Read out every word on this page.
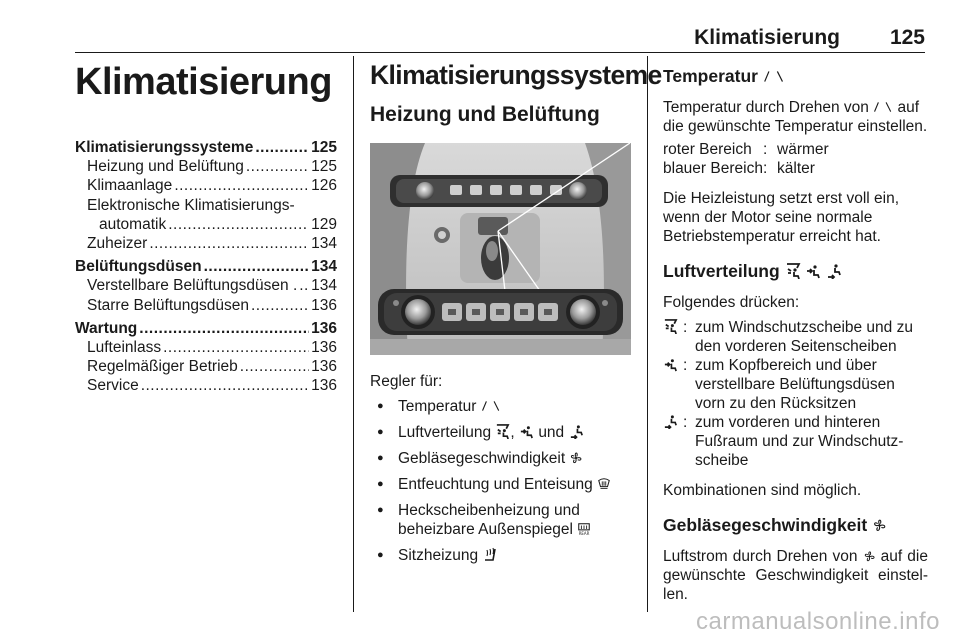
Klimatisierung 125
Klimatisierung
Klimatisierungssysteme .....	125
Heizung und Belüftung .....	125
Klimaanlage .....	126
Elektronische Klimatisierungs-
automatik .....	129
Zuheizer .....	134
Belüftungsdüsen .....	134
Verstellbare Belüftungsdüsen . ..... 134
Starre Belüftungsdüsen .....	136
Wartung .....	136
Lufteinlass .....	136
Regelmäßiger Betrieb .....	136
Service .....	136
Klimatisierungssysteme
Heizung und Belüftung
Regler für:
● Temperatur
● Luftverteilung , und
● Gebläsegeschwindigkeit
● Entfeuchtung und Enteisung
● Heckscheibenheizung und beheizbare Außenspiegel
● Sitzheizung
Temperatur
Temperatur durch Drehen von auf die gewünschte Temperatur einstellen.
roter Bereich : wärmer
blauer Bereich : kälter
Die Heizleistung setzt erst voll ein, wenn der Motor seine normale Betriebstemperatur erreicht hat.
Luftverteilung
Folgendes drücken:
: zum Windschutzscheibe und zu den vorderen Seitenscheiben
: zum Kopfbereich und über verstellbare Belüftungsdüsen vorn zu den Rücksitzen
: zum vorderen und hinteren Fußraum und zur Windschutz-scheibe
Kombinationen sind möglich.
Gebläsegeschwindigkeit
Luftstrom durch Drehen von auf die gewünschte Geschwindigkeit einstel-len.
carmanualsonline.info
